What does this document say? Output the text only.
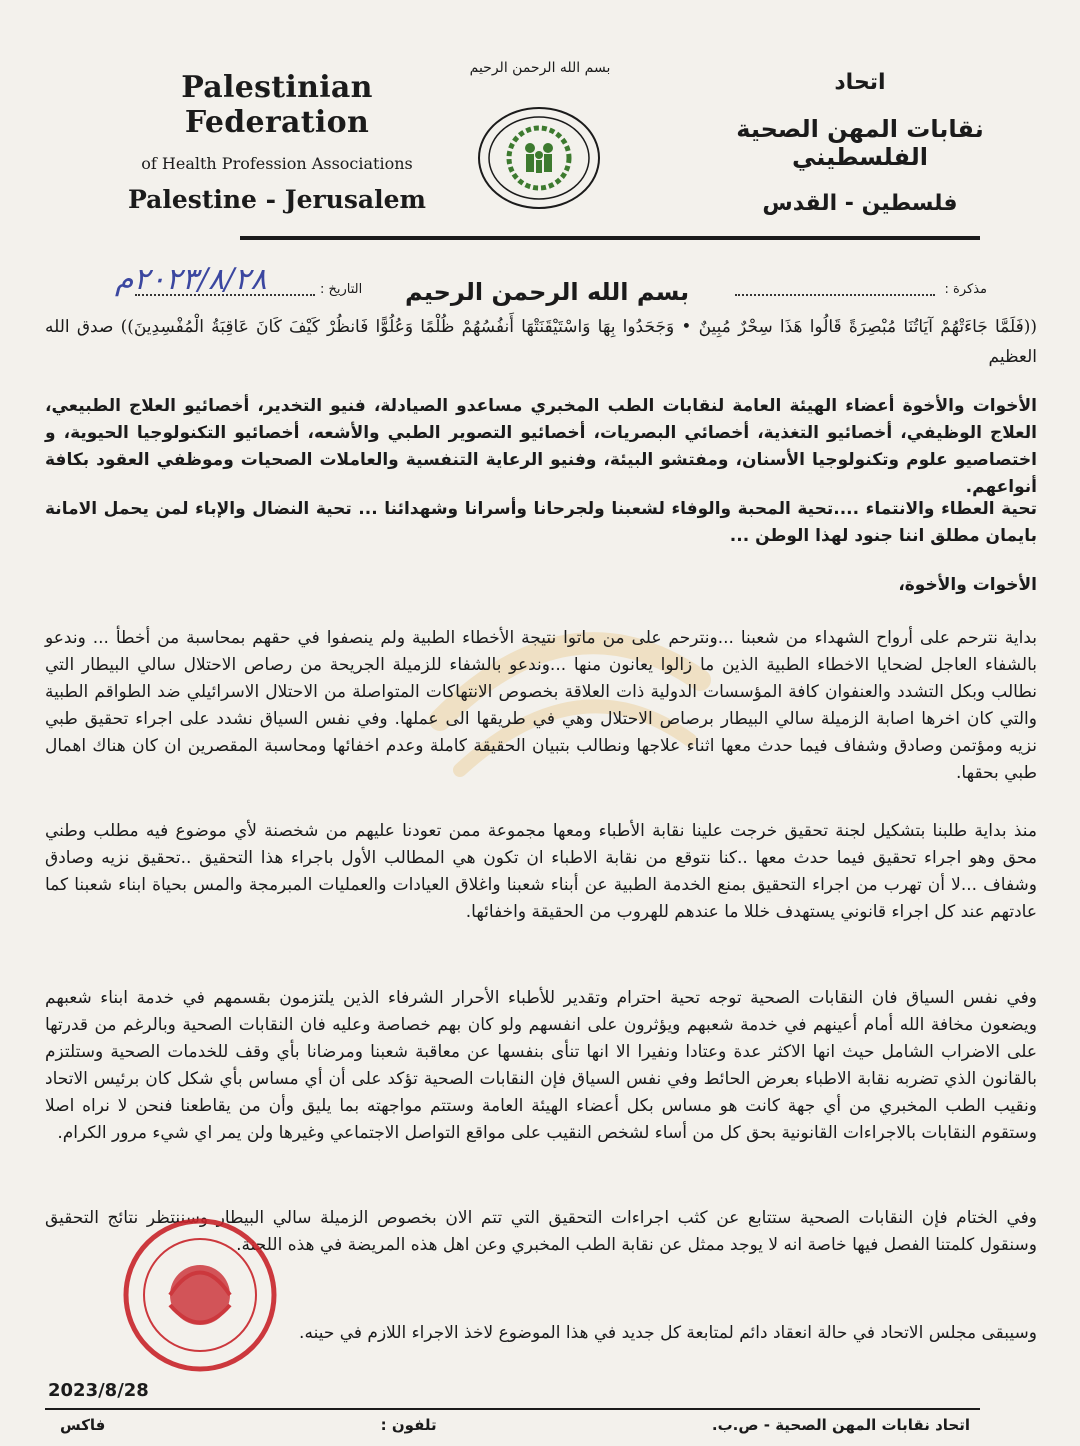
Palestinian Federation
of Health Profession Associations
Palestine - Jerusalem
بسم الله الرحمن الرحيم
اتحاد
نقابات المهن الصحية الفلسطيني
فلسطين - القدس
٢٠٢٣/٨/٢٨م	التاريخ : بسم الله الرحمن الرحيم	مذكرة :
((فَلَمَّا جَاءَتْهُمْ آيَاتُنَا مُبْصِرَةً قَالُوا هَذَا سِحْرٌ مُبِينٌ • وَجَحَدُوا بِهَا وَاسْتَيْقَنَتْهَا أَنفُسُهُمْ ظُلْمًا وَعُلُوًّا فَانظُرْ كَيْفَ كَانَ عَاقِبَةُ الْمُفْسِدِينَ)) صدق الله العظيم
الأخوات والأخوة أعضاء الهيئة العامة لنقابات الطب المخبري مساعدو الصيادلة، فنيو التخدير، أخصائيو العلاج الطبيعي، العلاج الوظيفي، أخصائيو التغذية، أخصائي البصريات، أخصائيو التصوير الطبي والأشعه، أخصائيو التكنولوجيا الحيوية، و اختصاصيو علوم وتكنولوجيا الأسنان، ومفتشو البيئة، وفنيو الرعاية التنفسية والعاملات الصحيات وموظفي العقود بكافة أنواعهم.
تحية العطاء والانتماء ....تحية المحبة والوفاء لشعبنا ولجرحانا وأسرانا وشهدائنا ... تحية النضال والإباء لمن يحمل الامانة بايمان مطلق اننا جنود لهذا الوطن ...
الأخوات والأخوة،
بداية نترحم على أرواح الشهداء من شعبنا ...ونترحم على من ماتوا نتيجة الأخطاء الطبية ولم ينصفوا في حقهم بمحاسبة من أخطأ ... وندعو بالشفاء العاجل لضحايا الاخطاء الطبية الذين ما زالوا يعانون منها ...وندعو بالشفاء للزميلة الجريحة من رصاص الاحتلال سالي البيطار التي نطالب وبكل التشدد والعنفوان كافة المؤسسات الدولية ذات العلاقة بخصوص الانتهاكات المتواصلة من الاحتلال الاسرائيلي ضد الطواقم الطبية والتي كان اخرها اصابة الزميلة سالي البيطار برصاص الاحتلال وهي في طريقها الى عملها. وفي نفس السياق نشدد على اجراء تحقيق طبي نزيه ومؤتمن وصادق وشفاف فيما حدث معها اثناء علاجها ونطالب بتبيان الحقيقة كاملة وعدم اخفائها ومحاسبة المقصرين ان كان هناك اهمال طبي بحقها.
منذ بداية طلبنا بتشكيل لجنة تحقيق خرجت علينا نقابة الأطباء ومعها مجموعة ممن تعودنا عليهم من شخصنة لأي موضوع فيه مطلب وطني محق وهو اجراء تحقيق فيما حدث معها ..كنا نتوقع من نقابة الاطباء ان تكون هي المطالب الأول باجراء هذا التحقيق ..تحقيق نزيه وصادق وشفاف ...لا أن تهرب من اجراء التحقيق بمنع الخدمة الطبية عن أبناء شعبنا واغلاق العيادات والعمليات المبرمجة والمس بحياة ابناء شعبنا كما عادتهم عند كل اجراء قانوني يستهدف خللا ما عندهم للهروب من الحقيقة واخفائها.
وفي نفس السياق فان النقابات الصحية توجه تحية احترام وتقدير للأطباء الأحرار الشرفاء الذين يلتزمون بقسمهم في خدمة ابناء شعبهم ويضعون مخافة الله أمام أعينهم في خدمة شعبهم ويؤثرون على انفسهم ولو كان بهم خصاصة وعليه فان النقابات الصحية وبالرغم من قدرتها على الاضراب الشامل حيث انها الاكثر عدة وعتادا ونفيرا الا انها تنأى بنفسها عن معاقبة شعبنا ومرضانا بأي وقف للخدمات الصحية وستلتزم بالقانون الذي تضربه نقابة الاطباء بعرض الحائط وفي نفس السياق فإن النقابات الصحية تؤكد على أن أي مساس بأي شكل كان برئيس الاتحاد ونقيب الطب المخبري من أي جهة كانت هو مساس بكل أعضاء الهيئة العامة وستتم مواجهته بما يليق وأن من يقاطعنا فنحن لا نراه اصلا وستقوم النقابات بالاجراءات القانونية بحق كل من أساء لشخص النقيب على مواقع التواصل الاجتماعي وغيرها ولن يمر اي شيء مرور الكرام.
وفي الختام فإن النقابات الصحية ستتابع عن كثب اجراءات التحقيق التي تتم الان بخصوص الزميلة سالي البيطار وسننتظر نتائج التحقيق وسنقول كلمتنا الفصل فيها خاصة انه لا يوجد ممثل عن نقابة الطب المخبري وعن اهل هذه المريضة في هذه اللجنة.
وسيبقى مجلس الاتحاد في حالة انعقاد دائم لمتابعة كل جديد في هذا الموضوع لاخذ الاجراء اللازم في حينه.
2023/8/28
اتحاد نقابات المهن الصحية - ص.ب.
تلفون :
فاكس
